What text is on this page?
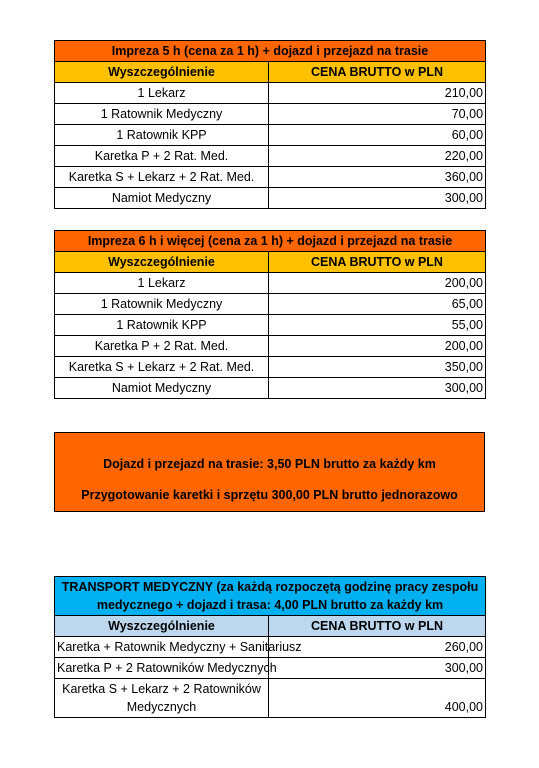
Impreza 5 h (cena za 1 h) + dojazd i przejazd na trasie	
Wyszczególnienie	CENA BRUTTO w PLN
1 Lekarz	210,00
1 Ratownik Medyczny	70,00
1 Ratownik KPP	60,00
Karetka P + 2 Rat. Med.	220,00
Karetka S + Lekarz + 2 Rat. Med.	360,00
Namiot Medyczny	300,00
Impreza 6 h i więcej (cena za 1 h) + dojazd i przejazd na trasie	
Wyszczególnienie	CENA BRUTTO w PLN
1 Lekarz	200,00
1 Ratownik Medyczny	65,00
1 Ratownik KPP	55,00
Karetka P + 2 Rat. Med.	200,00
Karetka S + Lekarz + 2 Rat. Med.	350,00
Namiot Medyczny	300,00
Dojazd i przejazd na trasie: 3,50 PLN brutto za każdy km
Przygotowanie karetki i sprzętu 300,00 PLN brutto jednorazowo
TRANSPORT MEDYCZNY (za każdą rozpoczętą godzinę pracy zespołu medycznego + dojazd i trasa: 4,00 PLN brutto za każdy km	
Wyszczególnienie	CENA BRUTTO w PLN
Karetka + Ratownik Medyczny + Sanitariusz	260,00
Karetka P + 2 Ratowników Medycznych	300,00
Karetka S + Lekarz + 2 Ratowników Medycznych	400,00
